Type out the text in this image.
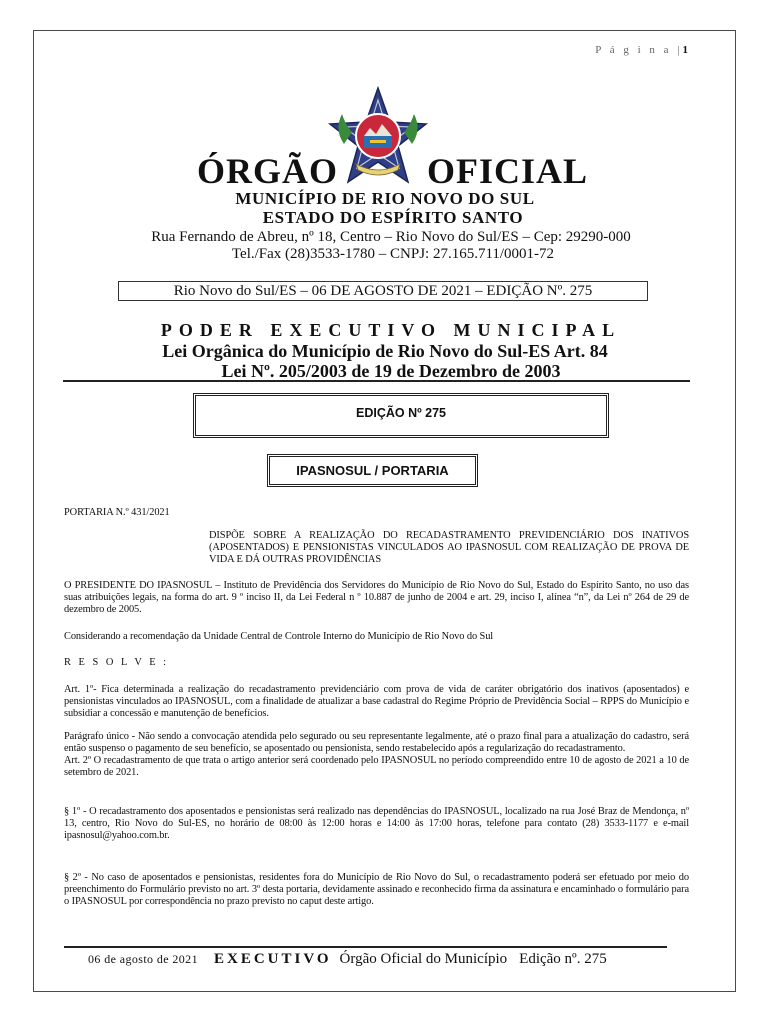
P á g i n a |1
ÓRGÃO OFICIAL
MUNICÍPIO DE RIO NOVO DO SUL
ESTADO DO ESPÍRITO SANTO
Rua Fernando de Abreu, nº 18, Centro – Rio Novo do Sul/ES – Cep: 29290-000
Tel./Fax (28)3533-1780 – CNPJ: 27.165.711/0001-72
Rio Novo do Sul/ES – 06 DE AGOSTO DE 2021 – EDIÇÃO Nº. 275
PODER EXECUTIVO MUNICIPAL
Lei Orgânica do Município de Rio Novo do Sul-ES Art. 84
Lei Nº. 205/2003 de 19 de Dezembro de 2003
EDIÇÃO Nº 275
IPASNOSUL / PORTARIA
PORTARIA N.º 431/2021
DISPÕE SOBRE A REALIZAÇÃO DO RECADASTRAMENTO PREVIDENCIÁRIO DOS INATIVOS (APOSENTADOS) E PENSIONISTAS VINCULADOS AO IPASNOSUL COM REALIZAÇÃO DE PROVA DE VIDA E DÁ OUTRAS PROVIDÊNCIAS
O PRESIDENTE DO IPASNOSUL – Instituto de Previdência dos Servidores do Município de Rio Novo do Sul, Estado do Espírito Santo, no uso das suas atribuições legais, na forma do art. 9 º inciso II, da Lei Federal n º 10.887 de junho de 2004 e art. 29, inciso I, alínea “n”, da Lei nº 264 de 29 de dezembro de 2005.
Considerando a recomendação da Unidade Central de Controle Interno do Município de Rio Novo do Sul
R E S O L V E :
Art. 1º- Fica determinada a realização do recadastramento previdenciário com prova de vida de caráter obrigatório dos inativos (aposentados) e pensionistas vinculados ao IPASNOSUL, com a finalidade de atualizar a base cadastral do Regime Próprio de Previdência Social – RPPS do Município e subsidiar a concessão e manutenção de benefícios.
Parágrafo único - Não sendo a convocação atendida pelo segurado ou seu representante legalmente, até o prazo final para a atualização do cadastro, será então suspenso o pagamento de seu benefício, se aposentado ou pensionista, sendo restabelecido após a regularização do recadastramento.
Art. 2º O recadastramento de que trata o artigo anterior será coordenado pelo IPASNOSUL no período compreendido entre 10 de agosto de 2021 a 10 de setembro de 2021.
§ 1º - O recadastramento dos aposentados e pensionistas será realizado nas dependências do IPASNOSUL, localizado na rua José Braz de Mendonça, nº 13, centro, Rio Novo do Sul-ES, no horário de 08:00 às 12:00 horas e 14:00 às 17:00 horas, telefone para contato (28) 3533-1177 e e-mail ipasnosul@yahoo.com.br.
§ 2º - No caso de aposentados e pensionistas, residentes fora do Município de Rio Novo do Sul, o recadastramento poderá ser efetuado por meio do preenchimento do Formulário previsto no art. 3º desta portaria, devidamente assinado e reconhecido firma da assinatura e encaminhado o formulário para o IPASNOSUL por correspondência no prazo previsto no caput deste artigo.
06 de agosto de 2021 EXECUTIVO Órgão Oficial do Município Edição nº. 275
